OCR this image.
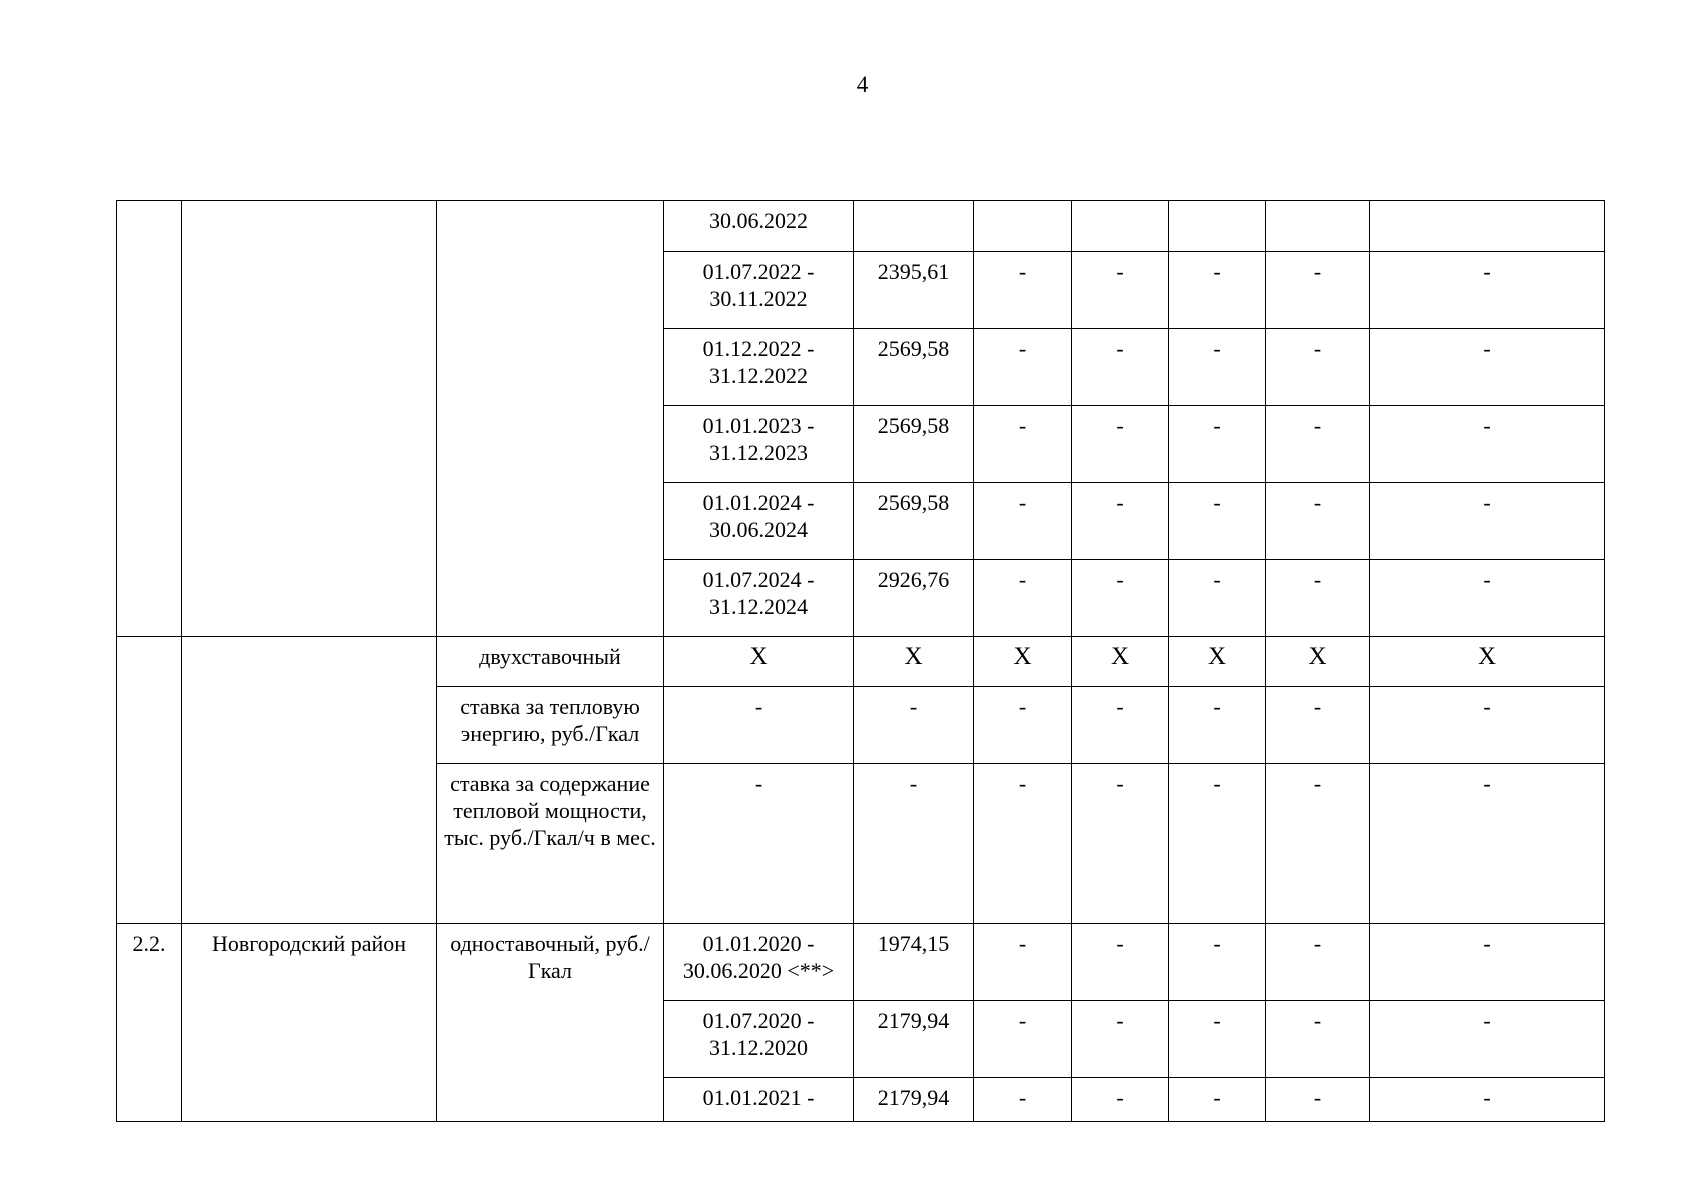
4
			30.06.2022						
			01.07.2022 - 30.11.2022	2395,61	-	-	-	-	-
			01.12.2022 - 31.12.2022	2569,58	-	-	-	-	-
			01.01.2023 - 31.12.2023	2569,58	-	-	-	-	-
			01.01.2024 - 30.06.2024	2569,58	-	-	-	-	-
			01.07.2024 - 31.12.2024	2926,76	-	-	-	-	-
		двухставочный	X	X	X	X	X	X	X
		ставка за тепловую энергию, руб./Гкал	-	-	-	-	-	-	-
		ставка за содержание тепловой мощности, тыс. руб./Гкал/ч в мес.	-	-	-	-	-	-	-
2.2.	Новгородский район	одноставочный, руб./Гкал	01.01.2020 - 30.06.2020 <**>	1974,15	-	-	-	-	-
			01.07.2020 - 31.12.2020	2179,94	-	-	-	-	-
			01.01.2021 -	2179,94	-	-	-	-	-
